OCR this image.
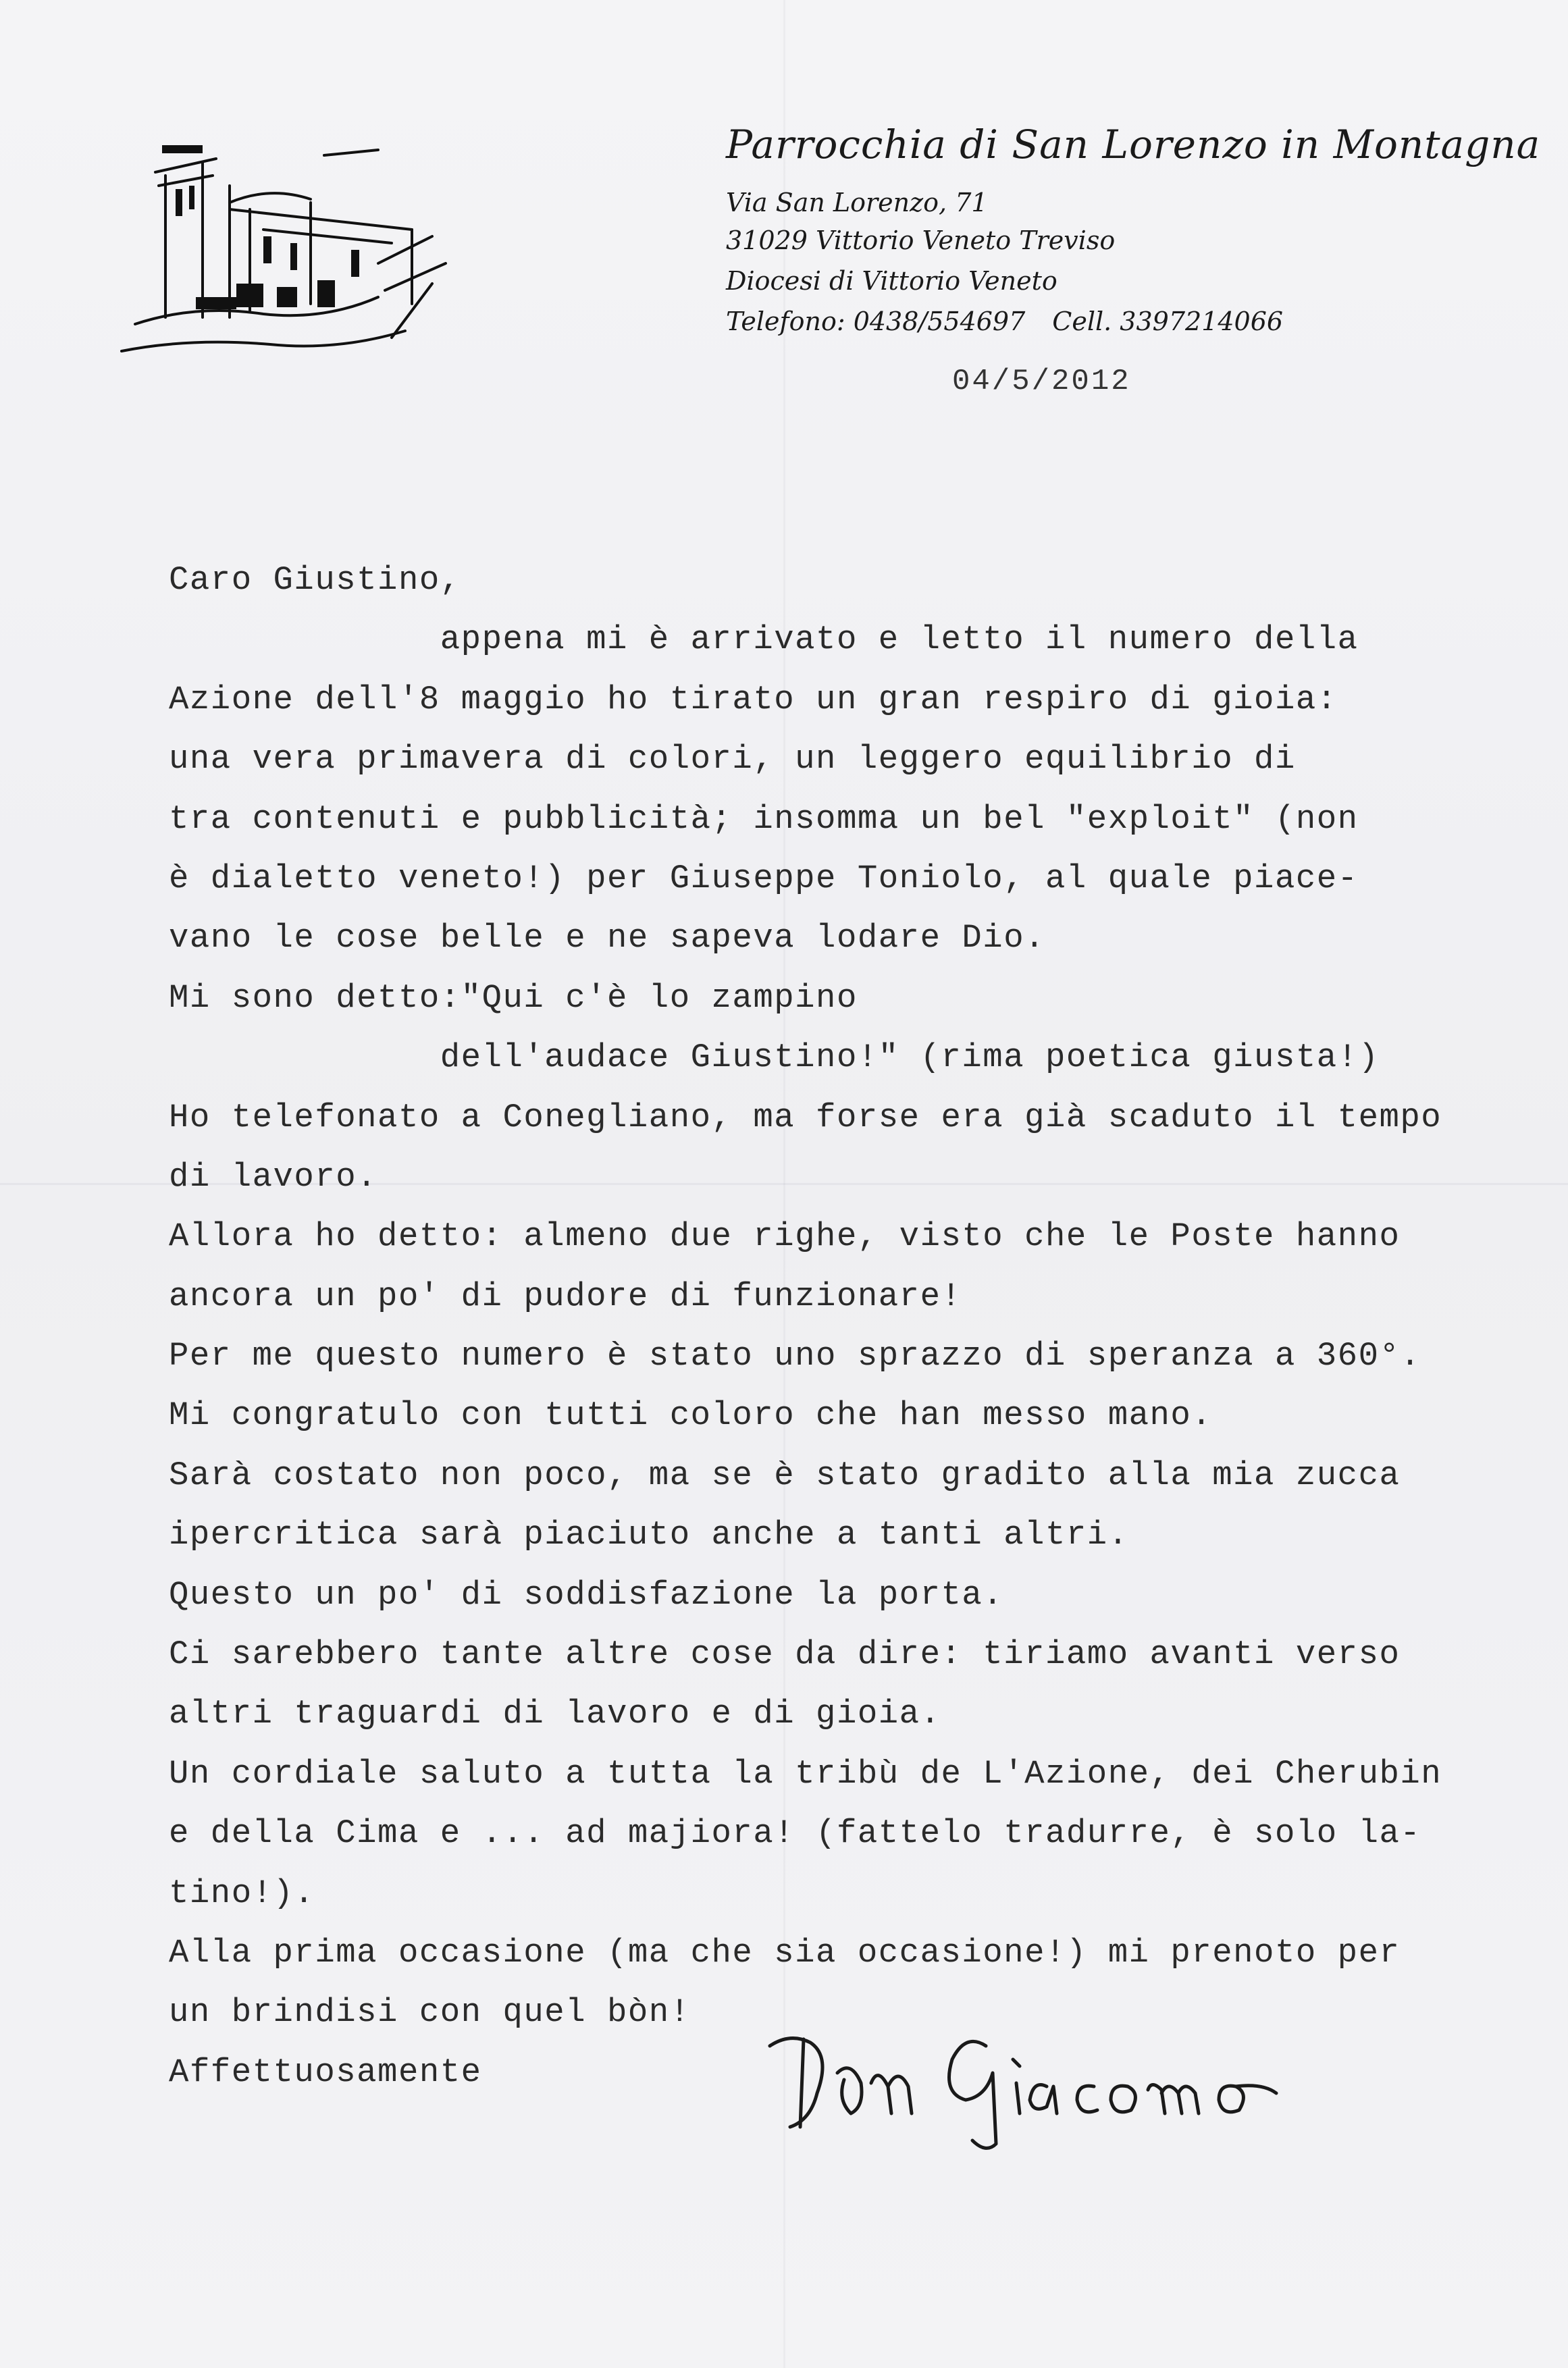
Parrocchia di San Lorenzo in Montagna
Via San Lorenzo, 71
31029 Vittorio Veneto Treviso
Diocesi di Vittorio Veneto
Telefono: 0438/554697 Cell. 3397214066
04/5/2012
Caro Giustino,
appena mi è arrivato e letto il numero della
Azione dell'8 maggio ho tirato un gran respiro di gioia:
una vera primavera di colori, un leggero equilibrio di
tra contenuti e pubblicità; insomma un bel "exploit" (non
è dialetto veneto!) per Giuseppe Toniolo, al quale piace-
vano le cose belle e ne sapeva lodare Dio.
Mi sono detto:"Qui c'è lo zampino
dell'audace Giustino!" (rima poetica giusta!)
Ho telefonato a Conegliano, ma forse era già scaduto il tempo
di lavoro.
Allora ho detto: almeno due righe, visto che le Poste hanno
ancora un po' di pudore di funzionare!
Per me questo numero è stato uno sprazzo di speranza a 360°.
Mi congratulo con tutti coloro che han messo mano.
Sarà costato non poco, ma se è stato gradito alla mia zucca
ipercritica sarà piaciuto anche a tanti altri.
Questo un po' di soddisfazione la porta.
Ci sarebbero tante altre cose da dire: tiriamo avanti verso
altri traguardi di lavoro e di gioia.
Un cordiale saluto a tutta la tribù de L'Azione, dei Cherubin
e della Cima e ... ad majiora! (fattelo tradurre, è solo la-
tino!).
Alla prima occasione (ma che sia occasione!) mi prenoto per
un brindisi con quel bòn!
Affettuosamente
